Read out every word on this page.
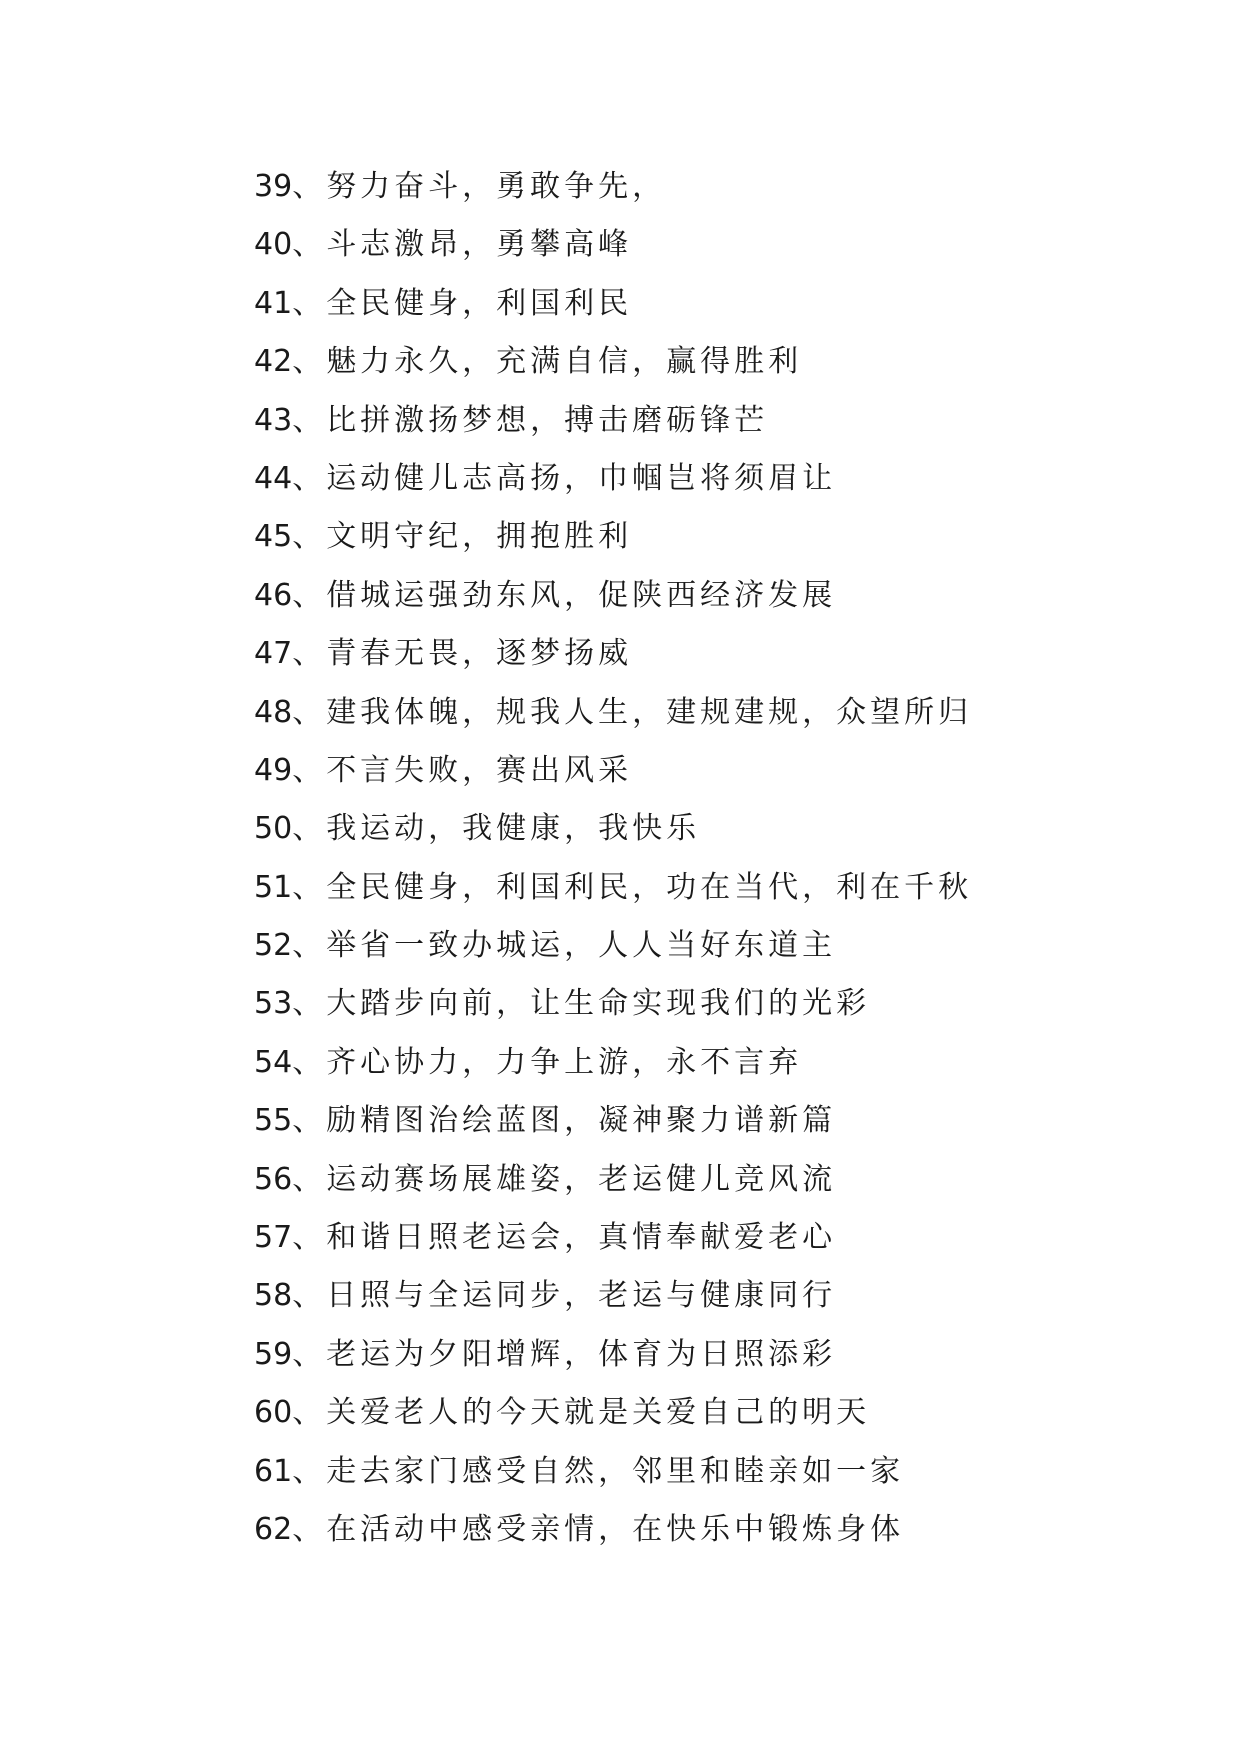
39、努力奋斗，勇敢争先，
40、斗志激昂，勇攀高峰
41、全民健身，利国利民
42、魅力永久，充满自信，赢得胜利
43、比拼激扬梦想，搏击磨砺锋芒
44、运动健儿志高扬，巾帼岂将须眉让
45、文明守纪，拥抱胜利
46、借城运强劲东风，促陕西经济发展
47、青春无畏，逐梦扬威
48、建我体魄，规我人生，建规建规，众望所归
49、不言失败，赛出风采
50、我运动，我健康，我快乐
51、全民健身，利国利民，功在当代，利在千秋
52、举省一致办城运，人人当好东道主
53、大踏步向前，让生命实现我们的光彩
54、齐心协力，力争上游，永不言弃
55、励精图治绘蓝图，凝神聚力谱新篇
56、运动赛场展雄姿，老运健儿竞风流
57、和谐日照老运会，真情奉献爱老心
58、日照与全运同步，老运与健康同行
59、老运为夕阳增辉，体育为日照添彩
60、关爱老人的今天就是关爱自己的明天
61、走去家门感受自然，邻里和睦亲如一家
62、在活动中感受亲情，在快乐中锻炼身体
